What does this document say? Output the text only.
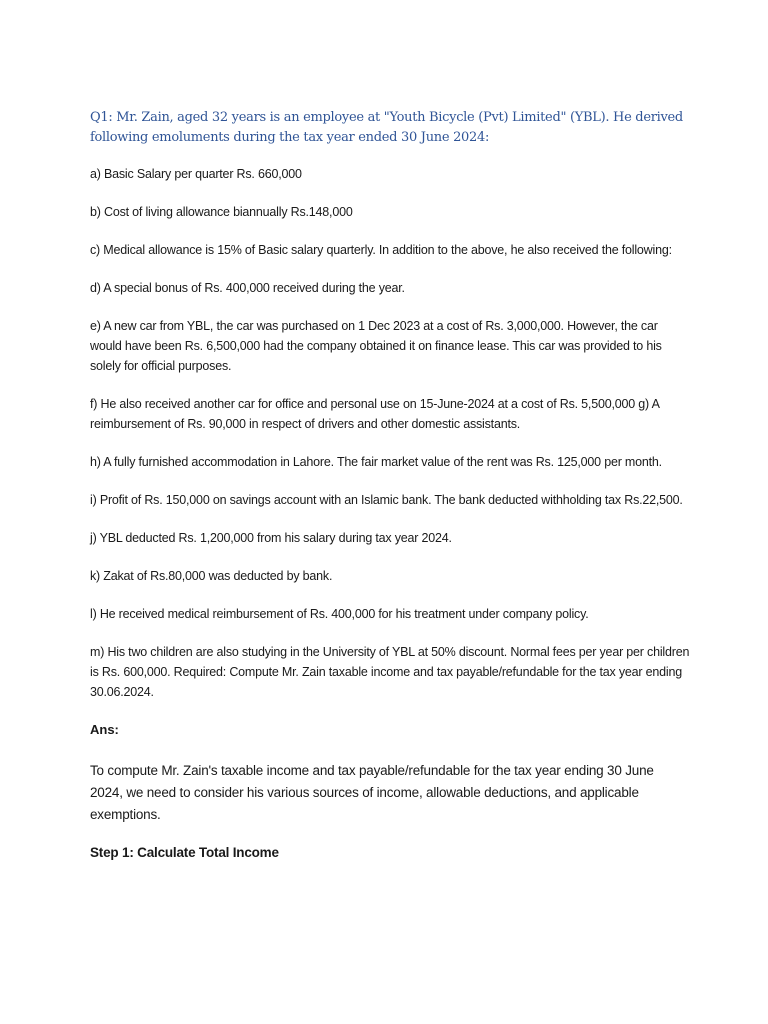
Q1: Mr. Zain, aged 32 years is an employee at "Youth Bicycle (Pvt) Limited" (YBL). He derived following emoluments during the tax year ended 30 June 2024:

a) Basic Salary per quarter Rs. 660,000

b) Cost of living allowance biannually Rs.148,000

c) Medical allowance is 15% of Basic salary quarterly. In addition to the above, he also received the following:

d) A special bonus of Rs. 400,000 received during the year.

e) A new car from YBL, the car was purchased on 1 Dec 2023 at a cost of Rs. 3,000,000. However, the car would have been Rs. 6,500,000 had the company obtained it on finance lease. This car was provided to his solely for official purposes.

f) He also received another car for office and personal use on 15-June-2024 at a cost of Rs. 5,500,000 g) A reimbursement of Rs. 90,000 in respect of drivers and other domestic assistants.

h) A fully furnished accommodation in Lahore. The fair market value of the rent was Rs. 125,000 per month.

i) Profit of Rs. 150,000 on savings account with an Islamic bank. The bank deducted withholding tax Rs.22,500.

j) YBL deducted Rs. 1,200,000 from his salary during tax year 2024.

k) Zakat of Rs.80,000 was deducted by bank.

l) He received medical reimbursement of Rs. 400,000 for his treatment under company policy.

m) His two children are also studying in the University of YBL at 50% discount. Normal fees per year per children is Rs. 600,000. Required: Compute Mr. Zain taxable income and tax payable/refundable for the tax year ending 30.06.2024.

Ans:

To compute Mr. Zain's taxable income and tax payable/refundable for the tax year ending 30 June 2024, we need to consider his various sources of income, allowable deductions, and applicable exemptions.

Step 1: Calculate Total Income
